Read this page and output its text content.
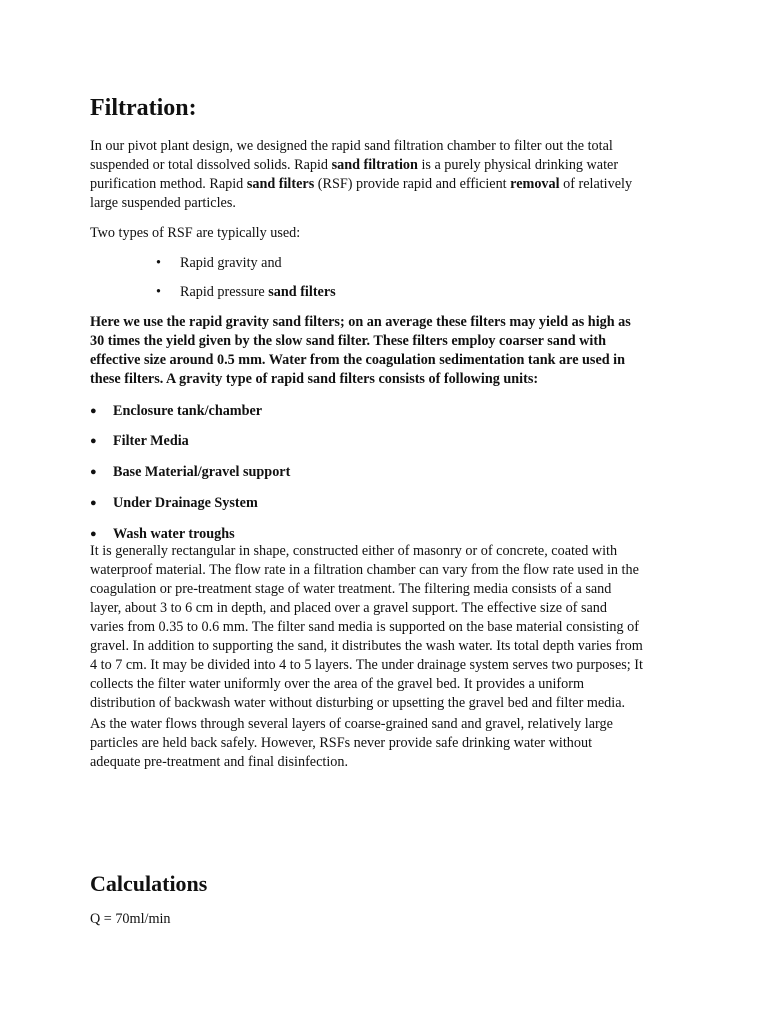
Filtration:
In our pivot plant design, we designed the rapid sand filtration chamber to filter out the total
suspended or total dissolved solids. Rapid sand filtration is a purely physical drinking water
purification method. Rapid sand filters (RSF) provide rapid and efficient removal of relatively
large suspended particles.
Two types of RSF are typically used:
• Rapid gravity and
• Rapid pressure sand filters
Here we use the rapid gravity sand filters; on an average these filters may yield as high as
30 times the yield given by the slow sand filter. These filters employ coarser sand with
effective size around 0.5 mm. Water from the coagulation sedimentation tank are used in
these filters. A gravity type of rapid sand filters consists of following units:
● Enclosure tank/chamber
● Filter Media
● Base Material/gravel support
● Under Drainage System
● Wash water troughs
It is generally rectangular in shape, constructed either of masonry or of concrete, coated with
waterproof material. The flow rate in a filtration chamber can vary from the flow rate used in the
coagulation or pre-treatment stage of water treatment. The filtering media consists of a sand
layer, about 3 to 6 cm in depth, and placed over a gravel support. The effective size of sand
varies from 0.35 to 0.6 mm. The filter sand media is supported on the base material consisting of
gravel. In addition to supporting the sand, it distributes the wash water. Its total depth varies from
4 to 7 cm. It may be divided into 4 to 5 layers. The under drainage system serves two purposes; It
collects the filter water uniformly over the area of the gravel bed. It provides a uniform
distribution of backwash water without disturbing or upsetting the gravel bed and filter media.
As the water flows through several layers of coarse-grained sand and gravel, relatively large
particles are held back safely. However, RSFs never provide safe drinking water without
adequate pre-treatment and final disinfection.
Calculations
Q = 70ml/min
